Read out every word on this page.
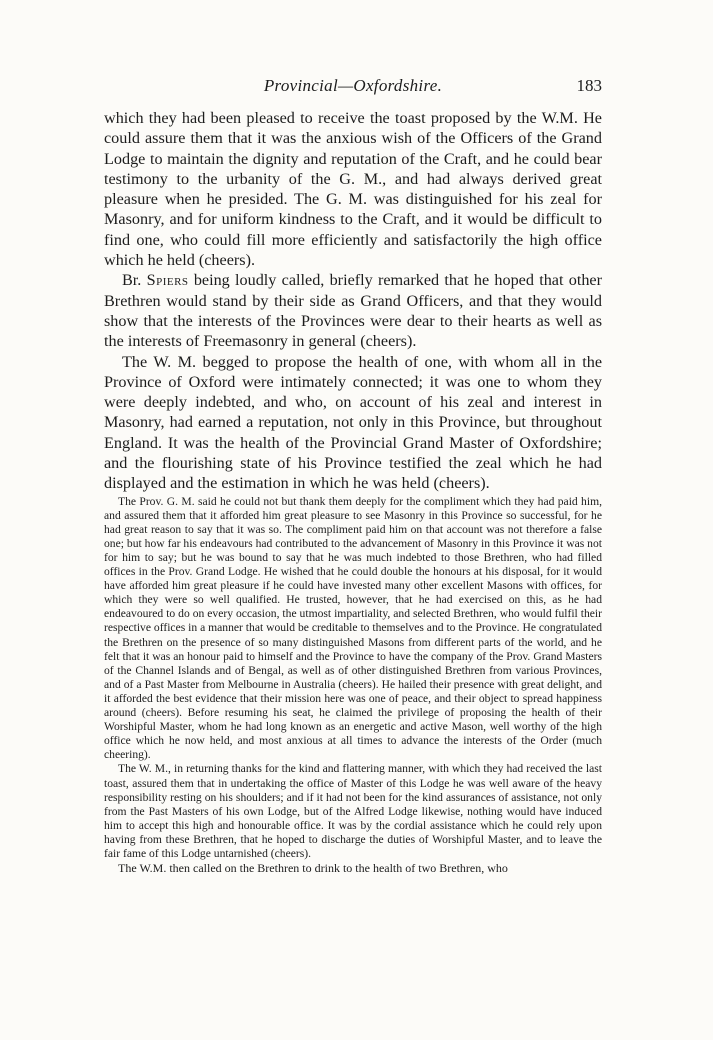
Provincial—Oxfordshire.	183

which they had been pleased to receive the toast proposed by the W.M. He could assure them that it was the anxious wish of the Officers of the Grand Lodge to maintain the dignity and reputation of the Craft, and he could bear testimony to the urbanity of the G. M., and had always derived great pleasure when he presided. The G. M. was distinguished for his zeal for Masonry, and for uniform kindness to the Craft, and it would be difficult to find one, who could fill more efficiently and satisfactorily the high office which he held (cheers).

Br. Spiers being loudly called, briefly remarked that he hoped that other Brethren would stand by their side as Grand Officers, and that they would show that the interests of the Provinces were dear to their hearts as well as the interests of Freemasonry in general (cheers).

The W. M. begged to propose the health of one, with whom all in the Province of Oxford were intimately connected; it was one to whom they were deeply indebted, and who, on account of his zeal and interest in Masonry, had earned a reputation, not only in this Province, but throughout England. It was the health of the Provincial Grand Master of Oxfordshire; and the flourishing state of his Province testified the zeal which he had displayed and the estimation in which he was held (cheers).

The Prov. G. M. said he could not but thank them deeply for the compliment which they had paid him, and assured them that it afforded him great pleasure to see Masonry in this Province so successful, for he had great reason to say that it was so. The compliment paid him on that account was not therefore a false one; but how far his endeavours had contributed to the advancement of Masonry in this Province it was not for him to say; but he was bound to say that he was much indebted to those Brethren, who had filled offices in the Prov. Grand Lodge. He wished that he could double the honours at his disposal, for it would have afforded him great pleasure if he could have invested many other excellent Masons with offices, for which they were so well qualified. He trusted, however, that he had exercised on this, as he had endeavoured to do on every occasion, the utmost impartiality, and selected Brethren, who would fulfil their respective offices in a manner that would be creditable to themselves and to the Province. He congratulated the Brethren on the presence of so many distinguished Masons from different parts of the world, and he felt that it was an honour paid to himself and the Province to have the company of the Prov. Grand Masters of the Channel Islands and of Bengal, as well as of other distinguished Brethren from various Provinces, and of a Past Master from Melbourne in Australia (cheers). He hailed their presence with great delight, and it afforded the best evidence that their mission here was one of peace, and their object to spread happiness around (cheers). Before resuming his seat, he claimed the privilege of proposing the health of their Worshipful Master, whom he had long known as an energetic and active Mason, well worthy of the high office which he now held, and most anxious at all times to advance the interests of the Order (much cheering).

The W. M., in returning thanks for the kind and flattering manner, with which they had received the last toast, assured them that in undertaking the office of Master of this Lodge he was well aware of the heavy responsibility resting on his shoulders; and if it had not been for the kind assurances of assistance, not only from the Past Masters of his own Lodge, but of the Alfred Lodge likewise, nothing would have induced him to accept this high and honourable office. It was by the cordial assistance which he could rely upon having from these Brethren, that he hoped to discharge the duties of Worshipful Master, and to leave the fair fame of this Lodge untarnished (cheers).

The W.M. then called on the Brethren to drink to the health of two Brethren, who
